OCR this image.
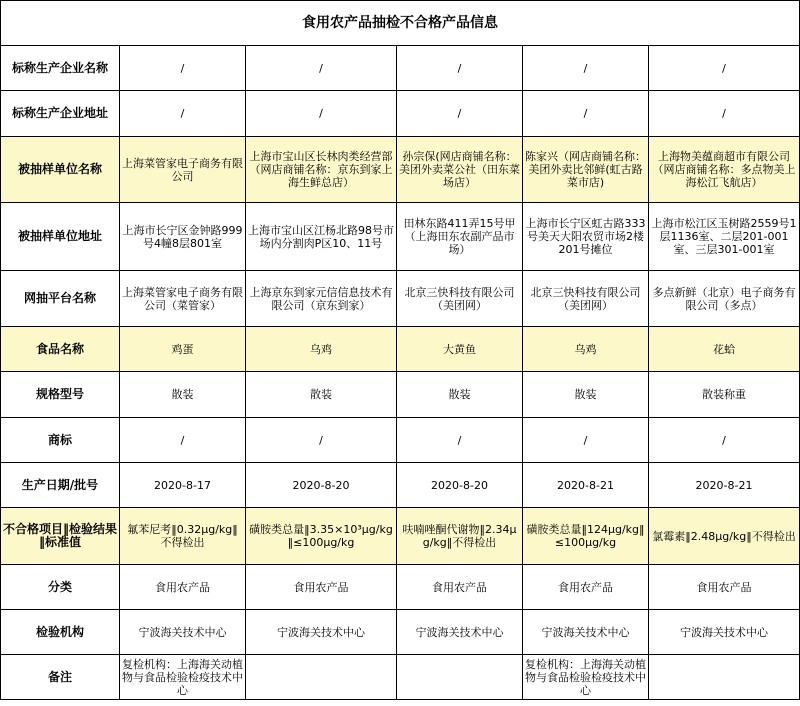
食用农产品抽检不合格产品信息					
标称生产企业名称	/	/	/	/	/
标称生产企业地址	/	/	/	/	/
被抽样单位名称	上海菜管家电子商务有限公司	上海市宝山区长林肉类经营部（网店商铺名称：京东到家上海生鲜总店）	孙宗保(网店商铺名称：美团外卖菜公社（田东菜场店）	陈家兴（网店商铺名称：美团外卖比邻鲜(虹古路菜市店)	上海物美蕴商超市有限公司（网店商铺名称：多点物美上海松江飞航店）
被抽样单位地址	上海市长宁区金钟路999号4幢8层801室	上海市宝山区江杨北路98号市场内分割肉P区10、11号	田林东路411弄15号甲（上海田东农副产品市场）	上海市长宁区虹古路333号美天大阳农贸市场2楼201号摊位	上海市松江区玉树路2559号1层1136室、二层201-001室、三层301-001室
网抽平台名称	上海菜管家电子商务有限公司（菜管家）	上海京东到家元信信息技术有限公司（京东到家）	北京三快科技有限公司（美团网）	北京三快科技有限公司（美团网）	多点新鲜（北京）电子商务有限公司（多点）
食品名称	鸡蛋	乌鸡	大黄鱼	乌鸡	花蛤
规格型号	散装	散装	散装	散装	散装称重
商标	/	/	/	/	/
生产日期/批号	2020-8-17	2020-8-20	2020-8-20	2020-8-21	2020-8-21
不合格项目‖检验结果‖标准值	氟苯尼考‖0.32μg/kg‖不得检出	磺胺类总量‖3.35×10³μg/kg‖≤100μg/kg	呋喃唑酮代谢物‖2.34μg/kg‖不得检出	磺胺类总量‖124μg/kg‖≤100μg/kg	氯霉素‖2.48μg/kg‖不得检出
分类	食用农产品	食用农产品	食用农产品	食用农产品	食用农产品
检验机构	宁波海关技术中心	宁波海关技术中心	宁波海关技术中心	宁波海关技术中心	宁波海关技术中心
备注	复检机构：上海海关动植物与食品检验检疫技术中心			复检机构：上海海关动植物与食品检验检疫技术中心	
